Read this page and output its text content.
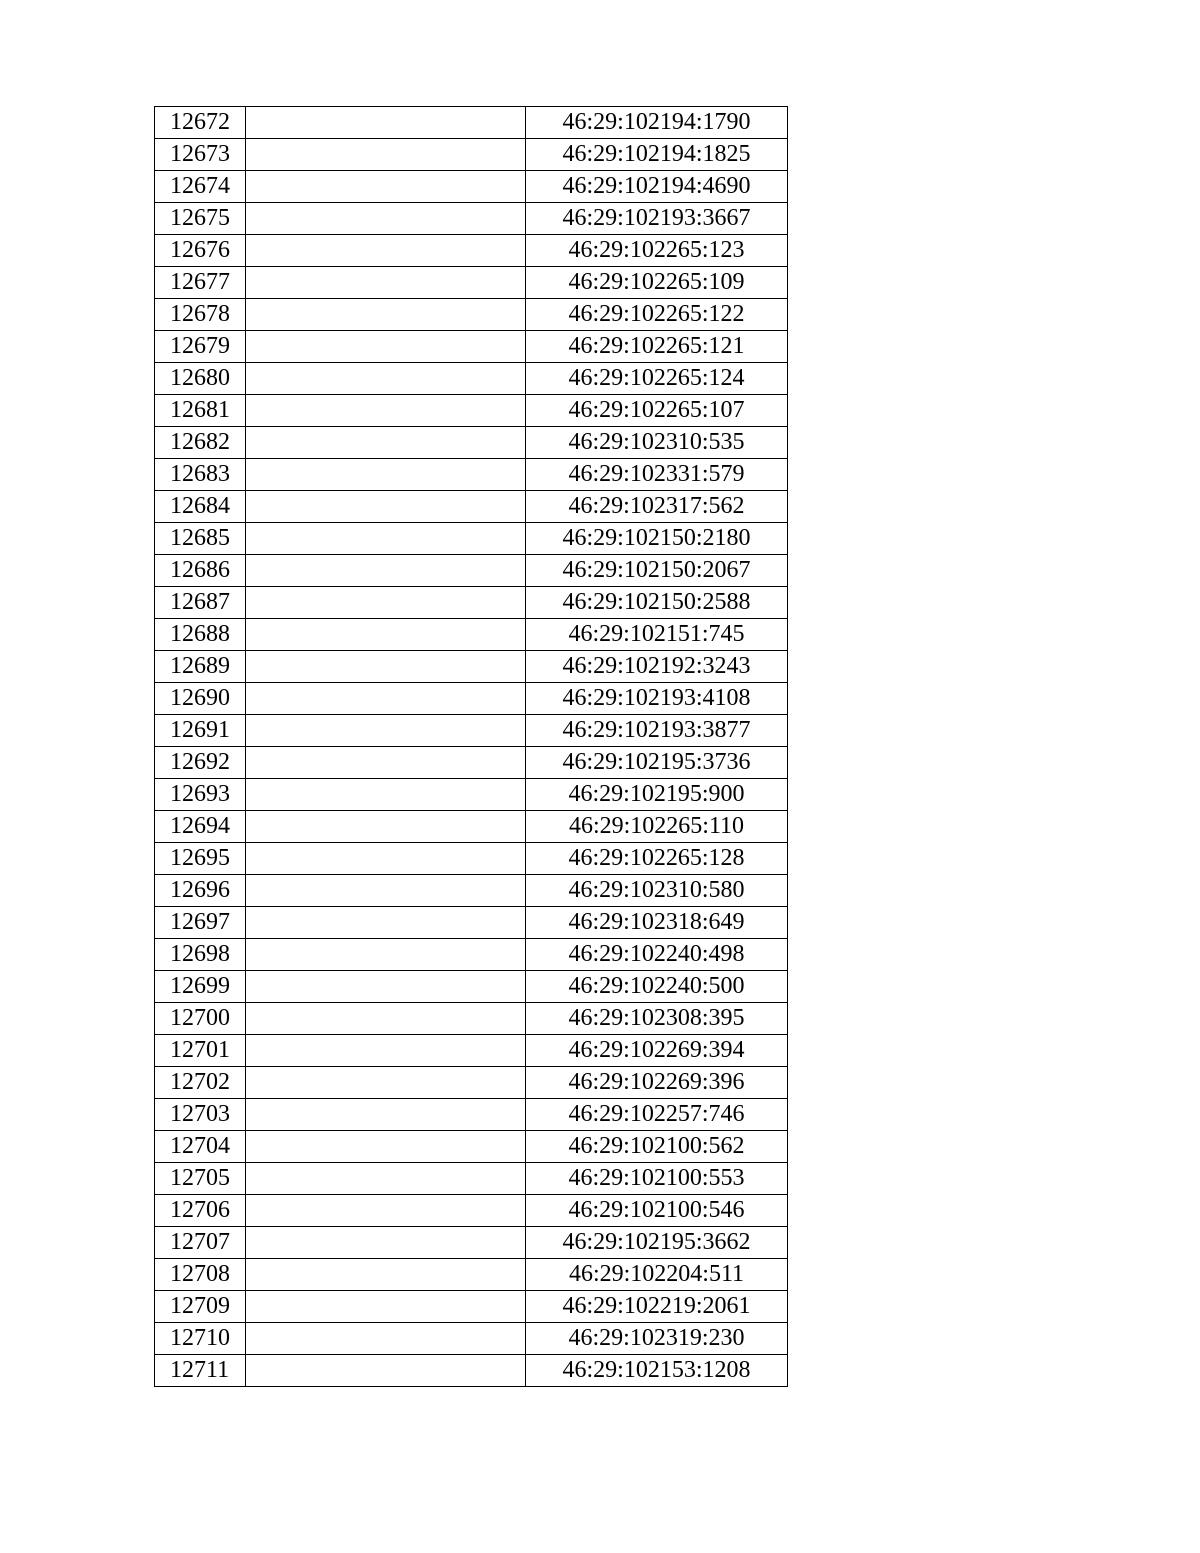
12672		46:29:102194:1790
12673		46:29:102194:1825
12674		46:29:102194:4690
12675		46:29:102193:3667
12676		46:29:102265:123
12677		46:29:102265:109
12678		46:29:102265:122
12679		46:29:102265:121
12680		46:29:102265:124
12681		46:29:102265:107
12682		46:29:102310:535
12683		46:29:102331:579
12684		46:29:102317:562
12685		46:29:102150:2180
12686		46:29:102150:2067
12687		46:29:102150:2588
12688		46:29:102151:745
12689		46:29:102192:3243
12690		46:29:102193:4108
12691		46:29:102193:3877
12692		46:29:102195:3736
12693		46:29:102195:900
12694		46:29:102265:110
12695		46:29:102265:128
12696		46:29:102310:580
12697		46:29:102318:649
12698		46:29:102240:498
12699		46:29:102240:500
12700		46:29:102308:395
12701		46:29:102269:394
12702		46:29:102269:396
12703		46:29:102257:746
12704		46:29:102100:562
12705		46:29:102100:553
12706		46:29:102100:546
12707		46:29:102195:3662
12708		46:29:102204:511
12709		46:29:102219:2061
12710		46:29:102319:230
12711		46:29:102153:1208
